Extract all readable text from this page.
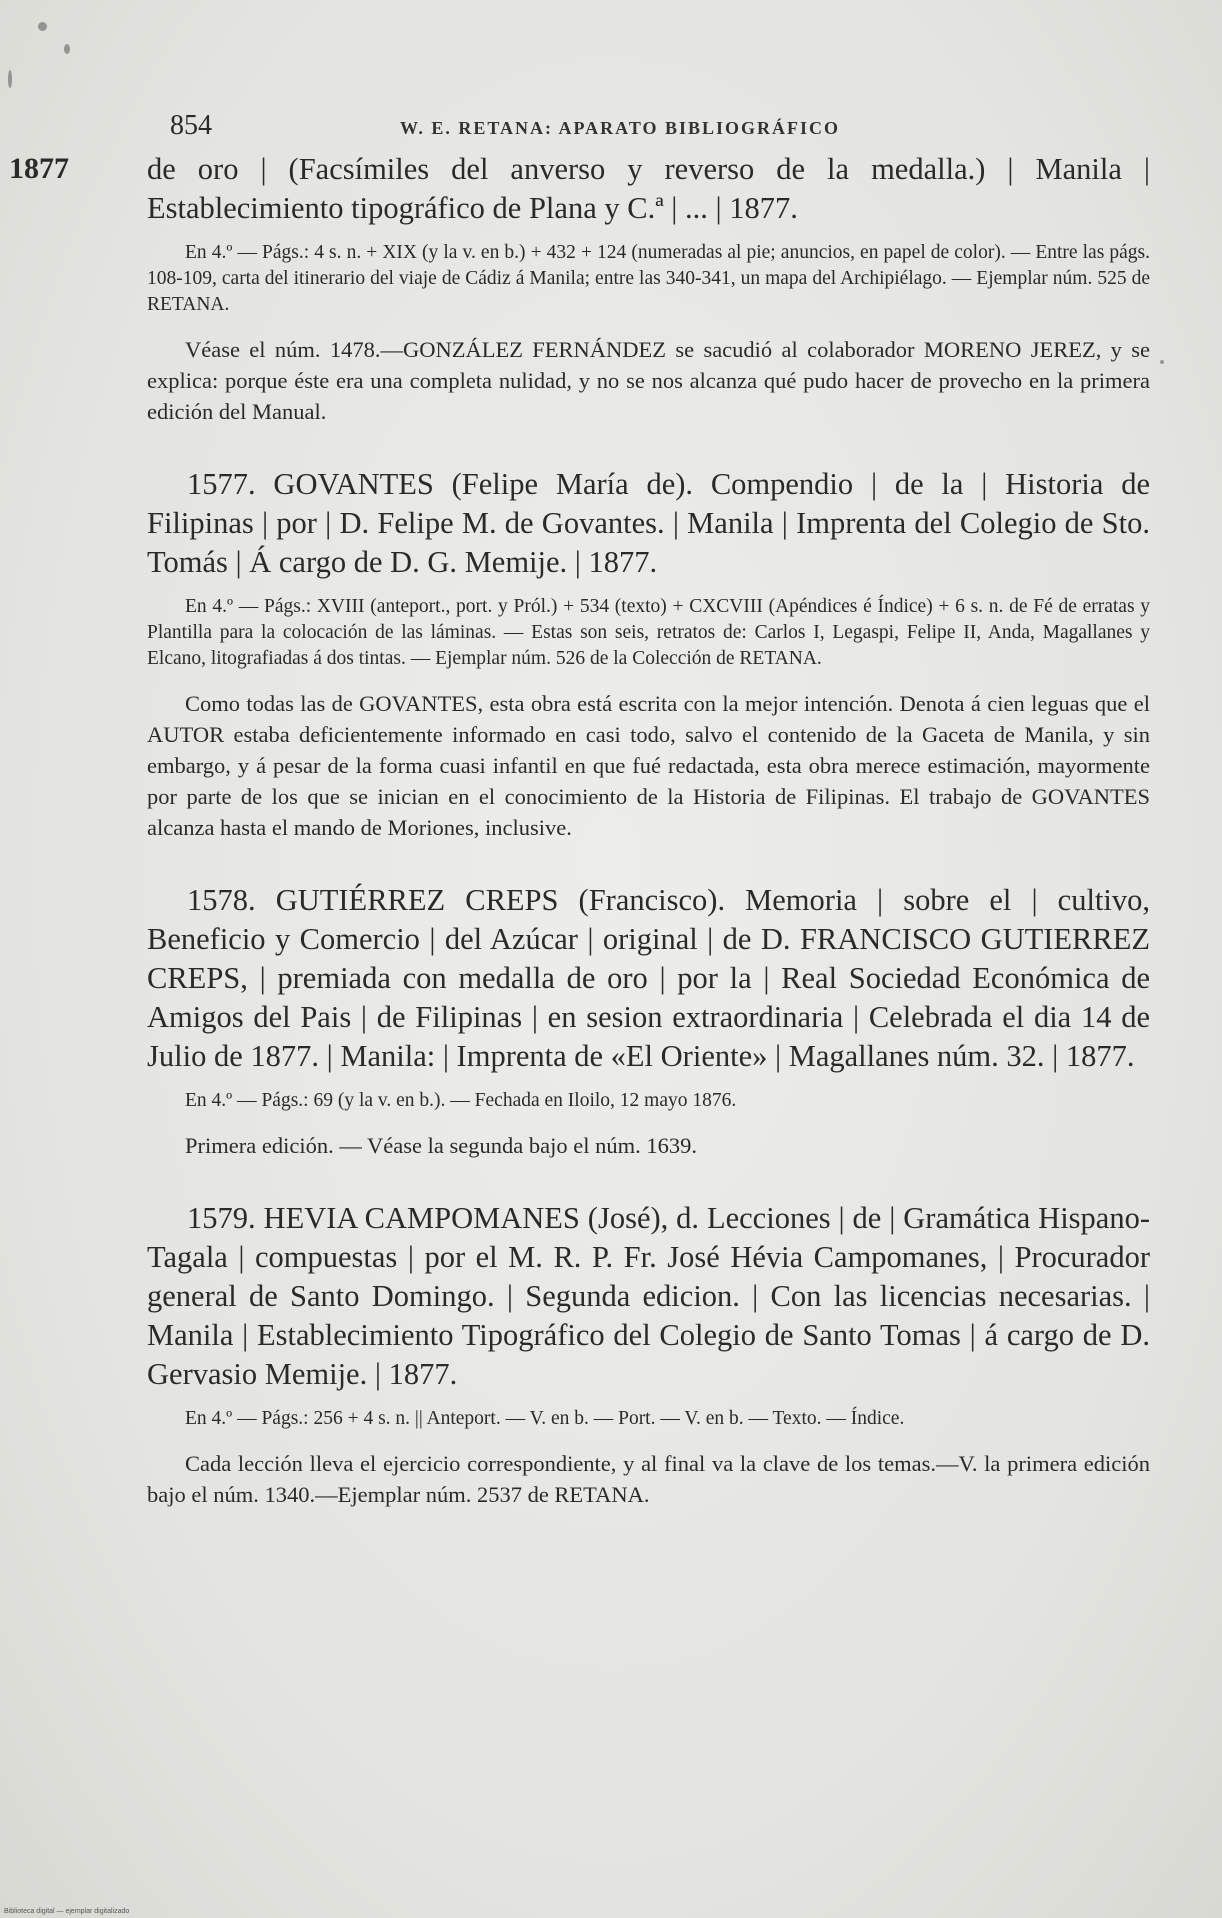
854	W. E. RETANA: APARATO BIBLIOGRÁFICO
1877	de oro | (Facsímiles del anverso y reverso de la medalla.) | Manila | Establecimiento tipográfico de Plana y C.ª | ... | 1877.

En 4.º — Págs.: 4 s. n. + XIX (y la v. en b.) + 432 + 124 (numeradas al pie; anuncios, en papel de color). — Entre las págs. 108-109, carta del itinerario del viaje de Cádiz á Manila; entre las 340-341, un mapa del Archipiélago. — Ejemplar núm. 525 de RETANA.

Véase el núm. 1478.—GONZÁLEZ FERNÁNDEZ se sacudió al colaborador MORENO JEREZ, y se explica: porque éste era una completa nulidad, y no se nos alcanza qué pudo hacer de provecho en la primera edición del Manual.

1577. GOVANTES (Felipe María de). Compendio | de la | Historia de Filipinas | por | D. Felipe M. de Govantes. | Manila | Imprenta del Colegio de Sto. Tomás | Á cargo de D. G. Memije. | 1877.

En 4.º — Págs.: XVIII (anteport., port. y Pról.) + 534 (texto) + CXCVIII (Apéndices é Índice) + 6 s. n. de Fé de erratas y Plantilla para la colocación de las láminas. — Estas son seis, retratos de: Carlos I, Legaspi, Felipe II, Anda, Magallanes y Elcano, litografiadas á dos tintas. — Ejemplar núm. 526 de la Colección de RETANA.

Como todas las de GOVANTES, esta obra está escrita con la mejor intención. Denota á cien leguas que el AUTOR estaba deficientemente informado en casi todo, salvo el contenido de la Gaceta de Manila, y sin embargo, y á pesar de la forma cuasi infantil en que fué redactada, esta obra merece estimación, mayormente por parte de los que se inician en el conocimiento de la Historia de Filipinas. El trabajo de GOVANTES alcanza hasta el mando de Moriones, inclusive.

1578. GUTIÉRREZ CREPS (Francisco). Memoria | sobre el | cultivo, Beneficio y Comercio | del Azúcar | original | de D. FRANCISCO GUTIERREZ CREPS, | premiada con medalla de oro | por la | Real Sociedad Económica de Amigos del Pais | de Filipinas | en sesion extraordinaria | Celebrada el dia 14 de Julio de 1877. | Manila: | Imprenta de «El Oriente» | Magallanes núm. 32. | 1877.

En 4.º — Págs.: 69 (y la v. en b.). — Fechada en Iloilo, 12 mayo 1876.

Primera edición. — Véase la segunda bajo el núm. 1639.

1579. HEVIA CAMPOMANES (José), d. Lecciones | de | Gramática Hispano-Tagala | compuestas | por el M. R. P. Fr. José Hévia Campomanes, | Procurador general de Santo Domingo. | Segunda edicion. | Con las licencias necesarias. | Manila | Establecimiento Tipográfico del Colegio de Santo Tomas | á cargo de D. Gervasio Memije. | 1877.

En 4.º — Págs.: 256 + 4 s. n. || Anteport. — V. en b. — Port. — V. en b. — Texto. — Índice.

Cada lección lleva el ejercicio correspondiente, y al final va la clave de los temas.—V. la primera edición bajo el núm. 1340.—Ejemplar núm. 2537 de RETANA.

Biblioteca digital — ejemplar digitalizado
